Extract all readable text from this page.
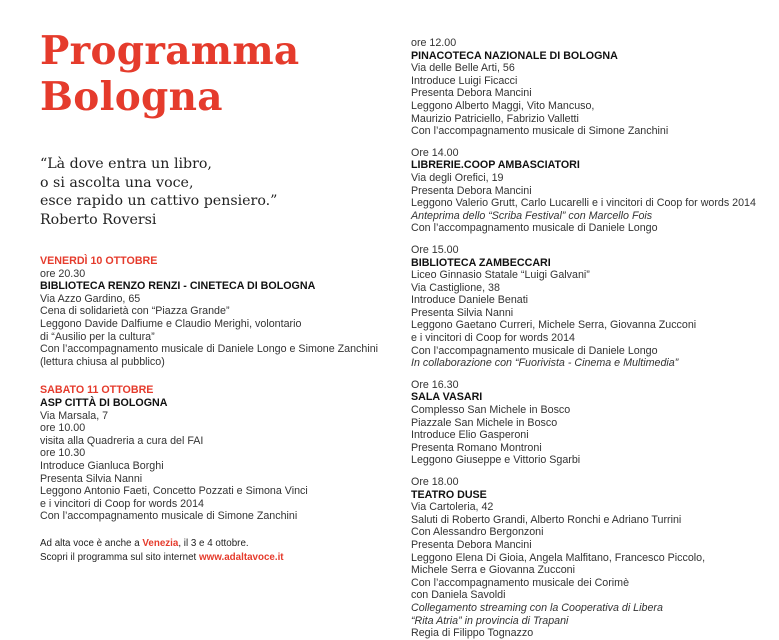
Programma
Bologna
“Là dove entra un libro,
o si ascolta una voce,
esce rapido un cattivo pensiero.”
Roberto Roversi
VENERDÌ 10 OTTOBRE
ore 20.30
BIBLIOTECA RENZO RENZI - CINETECA DI BOLOGNA
Via Azzo Gardino, 65
Cena di solidarietà con “Piazza Grande”
Leggono Davide Dalfiume e Claudio Merighi, volontario
di “Ausilio per la cultura”
Con l’accompagnamento musicale di Daniele Longo e Simone Zanchini
(lettura chiusa al pubblico)
SABATO 11 OTTOBRE
ASP CITTÀ DI BOLOGNA
Via Marsala, 7
ore 10.00
visita alla Quadreria a cura del FAI
ore 10.30
Introduce Gianluca Borghi
Presenta Silvia Nanni
Leggono Antonio Faeti, Concetto Pozzati e Simona Vinci
e i vincitori di Coop for words 2014
Con l’accompagnamento musicale di Simone Zanchini
Ad alta voce è anche a Venezia, il 3 e 4 ottobre.
Scopri il programma sul sito internet www.adaltavoce.it
ore 12.00
PINACOTECA NAZIONALE DI BOLOGNA
Via delle Belle Arti, 56
Introduce Luigi Ficacci
Presenta Debora Mancini
Leggono Alberto Maggi, Vito Mancuso,
Maurizio Patriciello, Fabrizio Valletti
Con l’accompagnamento musicale di Simone Zanchini
Ore 14.00
LIBRERIE.COOP AMBASCIATORI
Via degli Orefici, 19
Presenta Debora Mancini
Leggono Valerio Grutt, Carlo Lucarelli e i vincitori di Coop for words 2014
Anteprima dello “Scriba Festival” con Marcello Fois
Con l’accompagnamento musicale di Daniele Longo
Ore 15.00
BIBLIOTECA ZAMBECCARI
Liceo Ginnasio Statale “Luigi Galvani”
Via Castiglione, 38
Introduce Daniele Benati
Presenta Silvia Nanni
Leggono Gaetano Curreri, Michele Serra, Giovanna Zucconi
e i vincitori di Coop for words 2014
Con l’accompagnamento musicale di Daniele Longo
In collaborazione con “Fuorivista - Cinema e Multimedia”
Ore 16.30
SALA VASARI
Complesso San Michele in Bosco
Piazzale San Michele in Bosco
Introduce Elio Gasperoni
Presenta Romano Montroni
Leggono Giuseppe e Vittorio Sgarbi
Ore 18.00
TEATRO DUSE
Via Cartoleria, 42
Saluti di Roberto Grandi, Alberto Ronchi e Adriano Turrini
Con Alessandro Bergonzoni
Presenta Debora Mancini
Leggono Elena Di Gioia, Angela Malfitano, Francesco Piccolo,
Michele Serra e Giovanna Zucconi
Con l’accompagnamento musicale dei Corimè
con Daniela Savoldi
Collegamento streaming con la Cooperativa di Libera
“Rita Atria” in provincia di Trapani
Regia di Filippo Tognazzo
